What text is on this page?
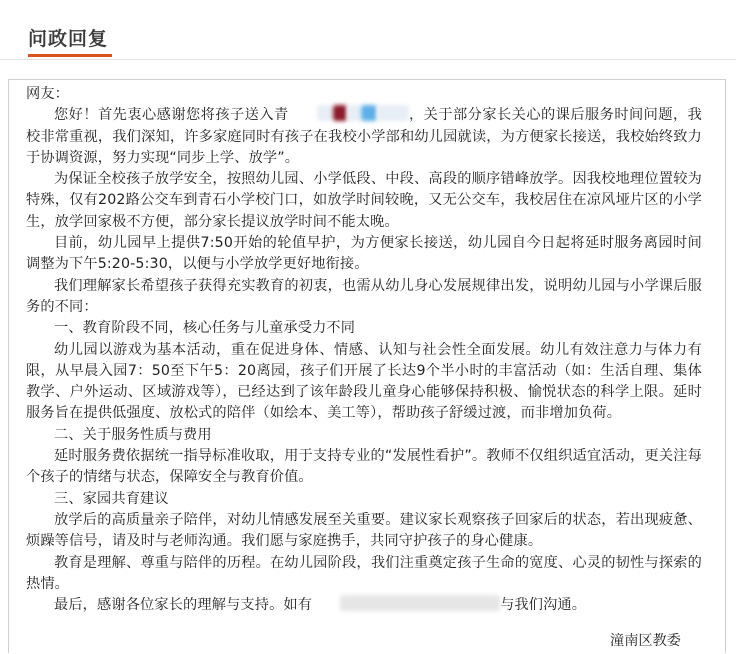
问政回复

网友：

您好！首先衷心感谢您将孩子送入青	，关于部分家长关心的课后服务时间问题，我校非常重视，我们深知，许多家庭同时有孩子在我校小学部和幼儿园就读，为方便家长接送，我校始终致力于协调资源，努力实现“同步上学、放学”。

为保证全校孩子放学安全，按照幼儿园、小学低段、中段、高段的顺序错峰放学。因我校地理位置较为特殊，仅有202路公交车到青石小学校门口，如放学时间较晚，又无公交车，我校居住在凉风垭片区的小学生，放学回家极不方便，部分家长提议放学时间不能太晚。

目前，幼儿园早上提供7:50开始的轮值早护，为方便家长接送，幼儿园自今日起将延时服务离园时间调整为下午5:20-5:30，以便与小学放学更好地衔接。

我们理解家长希望孩子获得充实教育的初衷，也需从幼儿身心发展规律出发，说明幼儿园与小学课后服务的不同：

一、教育阶段不同，核心任务与儿童承受力不同

幼儿园以游戏为基本活动，重在促进身体、情感、认知与社会性全面发展。幼儿有效注意力与体力有限，从早晨入园7：50至下午5：20离园，孩子们开展了长达9个半小时的丰富活动（如：生活自理、集体教学、户外运动、区域游戏等），已经达到了该年龄段儿童身心能够保持积极、愉悦状态的科学上限。延时服务旨在提供低强度、放松式的陪伴（如绘本、美工等），帮助孩子舒缓过渡，而非增加负荷。

二、关于服务性质与费用

延时服务费依据统一指导标准收取，用于支持专业的“发展性看护”。教师不仅组织适宜活动，更关注每个孩子的情绪与状态，保障安全与教育价值。

三、家园共育建议

放学后的高质量亲子陪伴，对幼儿情感发展至关重要。建议家长观察孩子回家后的状态，若出现疲惫、烦躁等信号，请及时与老师沟通。我们愿与家庭携手，共同守护孩子的身心健康。

教育是理解、尊重与陪伴的历程。在幼儿园阶段，我们注重奠定孩子生命的宽度、心灵的韧性与探索的热情。

最后，感谢各位家长的理解与支持。如有	与我们沟通。

潼南区教委
